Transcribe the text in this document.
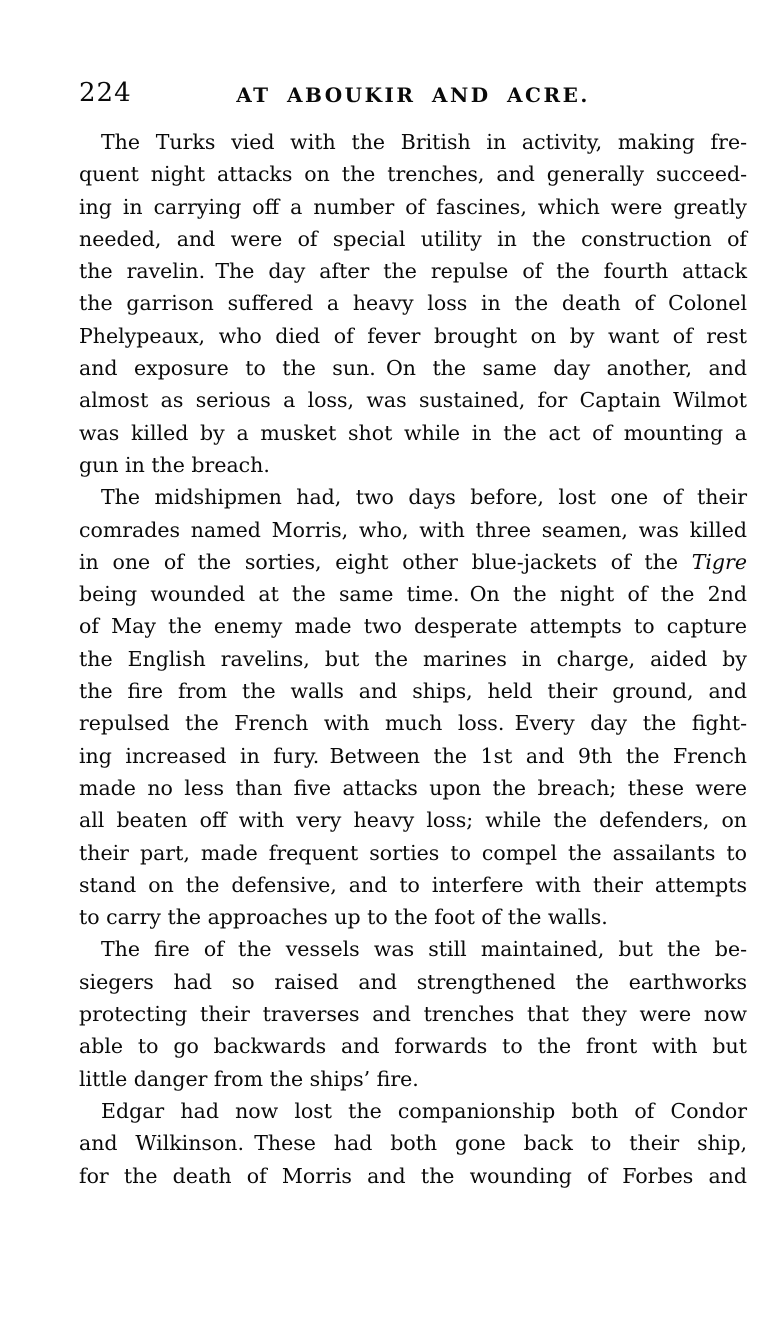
224	AT ABOUKIR AND ACRE.

The Turks vied with the British in activity, making fre-
quent night attacks on the trenches, and generally succeed-
ing in carrying off a number of fascines, which were greatly
needed, and were of special utility in the construction of
the ravelin. The day after the repulse of the fourth attack
the garrison suffered a heavy loss in the death of Colonel
Phelypeaux, who died of fever brought on by want of rest
and exposure to the sun. On the same day another, and
almost as serious a loss, was sustained, for Captain Wilmot
was killed by a musket shot while in the act of mounting a
gun in the breach.

The midshipmen had, two days before, lost one of their
comrades named Morris, who, with three seamen, was killed
in one of the sorties, eight other blue-jackets of the Tigre
being wounded at the same time. On the night of the 2nd
of May the enemy made two desperate attempts to capture
the English ravelins, but the marines in charge, aided by
the fire from the walls and ships, held their ground, and
repulsed the French with much loss. Every day the fight-
ing increased in fury. Between the 1st and 9th the French
made no less than five attacks upon the breach; these were
all beaten off with very heavy loss; while the defenders, on
their part, made frequent sorties to compel the assailants to
stand on the defensive, and to interfere with their attempts
to carry the approaches up to the foot of the walls.

The fire of the vessels was still maintained, but the be-
siegers had so raised and strengthened the earthworks
protecting their traverses and trenches that they were now
able to go backwards and forwards to the front with but
little danger from the ships’ fire.

Edgar had now lost the companionship both of Condor
and Wilkinson. These had both gone back to their ship,
for the death of Morris and the wounding of Forbes and
